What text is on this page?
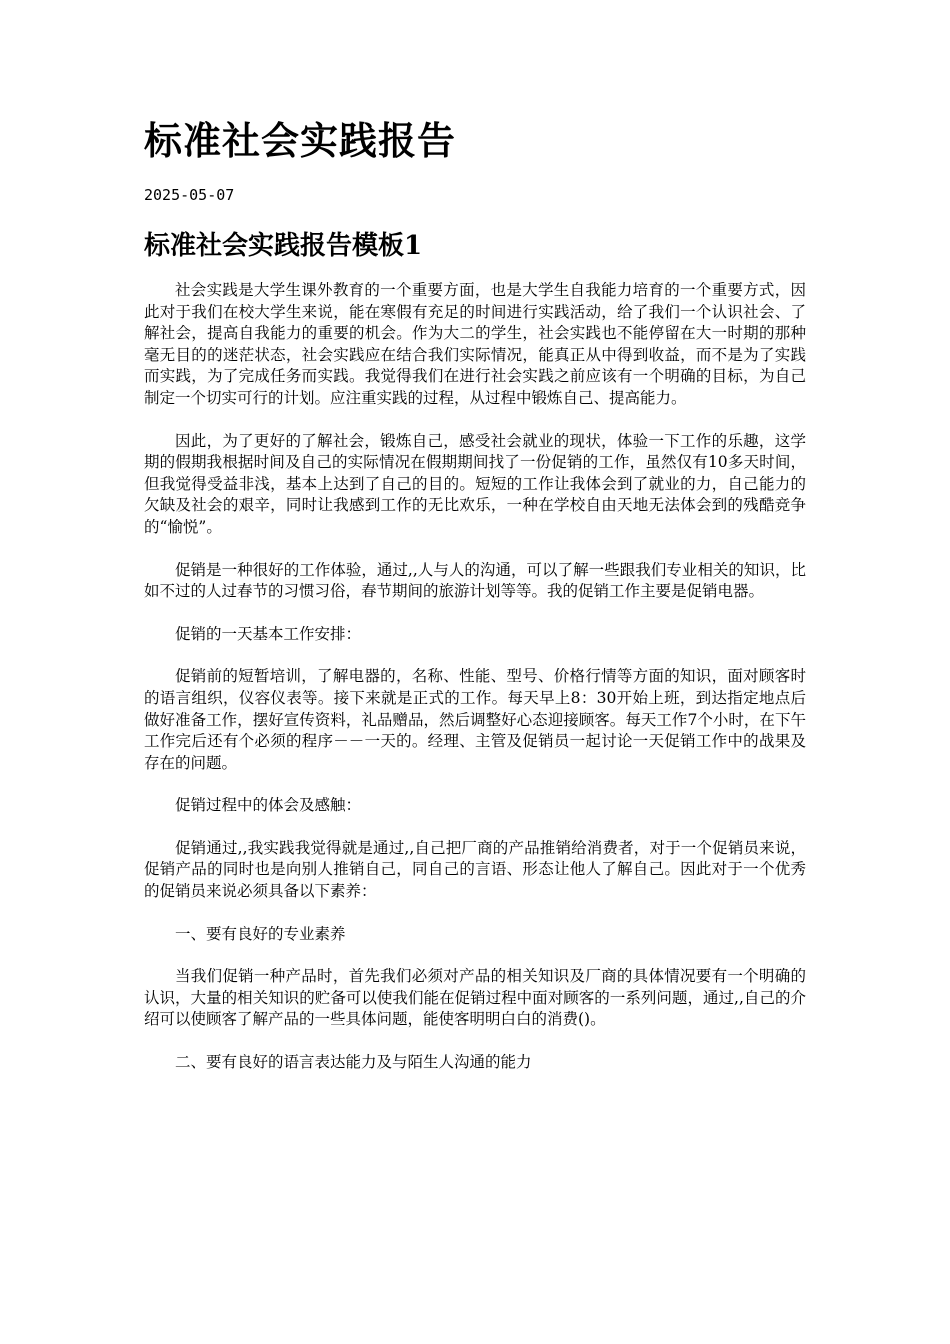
标准社会实践报告
2025-05-07
标准社会实践报告模板1

社会实践是大学生课外教育的一个重要方面，也是大学生自我能力培育的一个重要方式，因此对于我们在校大学生来说，能在寒假有充足的时间进行实践活动，给了我们一个认识社会、了解社会，提高自我能力的重要的机会。作为大二的学生，社会实践也不能停留在大一时期的那种毫无目的的迷茫状态，社会实践应在结合我们实际情况，能真正从中得到收益，而不是为了实践而实践，为了完成任务而实践。我觉得我们在进行社会实践之前应该有一个明确的目标，为自己制定一个切实可行的计划。应注重实践的过程，从过程中锻炼自己、提高能力。

因此，为了更好的了解社会，锻炼自己，感受社会就业的现状，体验一下工作的乐趣，这学期的假期我根据时间及自己的实际情况在假期期间找了一份促销的工作，虽然仅有10多天时间，但我觉得受益非浅，基本上达到了自己的目的。短短的工作让我体会到了就业的力，自己能力的欠缺及社会的艰辛，同时让我感到工作的无比欢乐，一种在学校自由天地无法体会到的残酷竞争的“愉悦”。

促销是一种很好的工作体验，通过,,人与人的沟通，可以了解一些跟我们专业相关的知识，比如不过的人过春节的习惯习俗，春节期间的旅游计划等等。我的促销工作主要是促销电器。

促销的一天基本工作安排：

促销前的短暂培训，了解电器的，名称、性能、型号、价格行情等方面的知识，面对顾客时的语言组织，仪容仪表等。接下来就是正式的工作。每天早上8：30开始上班，到达指定地点后做好准备工作，摆好宣传资料，礼品赠品，然后调整好心态迎接顾客。每天工作7个小时，在下午工作完后还有个必须的程序－－一天的。经理、主管及促销员一起讨论一天促销工作中的战果及存在的问题。

促销过程中的体会及感触：

促销通过,,我实践我觉得就是通过,,自己把厂商的产品推销给消费者，对于一个促销员来说，促销产品的同时也是向别人推销自己，同自己的言语、形态让他人了解自己。因此对于一个优秀的促销员来说必须具备以下素养：

一、要有良好的专业素养

当我们促销一种产品时，首先我们必须对产品的相关知识及厂商的具体情况要有一个明确的认识，大量的相关知识的贮备可以使我们能在促销过程中面对顾客的一系列问题，通过,,自己的介绍可以使顾客了解产品的一些具体问题，能使客明明白白的消费()。

二、要有良好的语言表达能力及与陌生人沟通的能力
